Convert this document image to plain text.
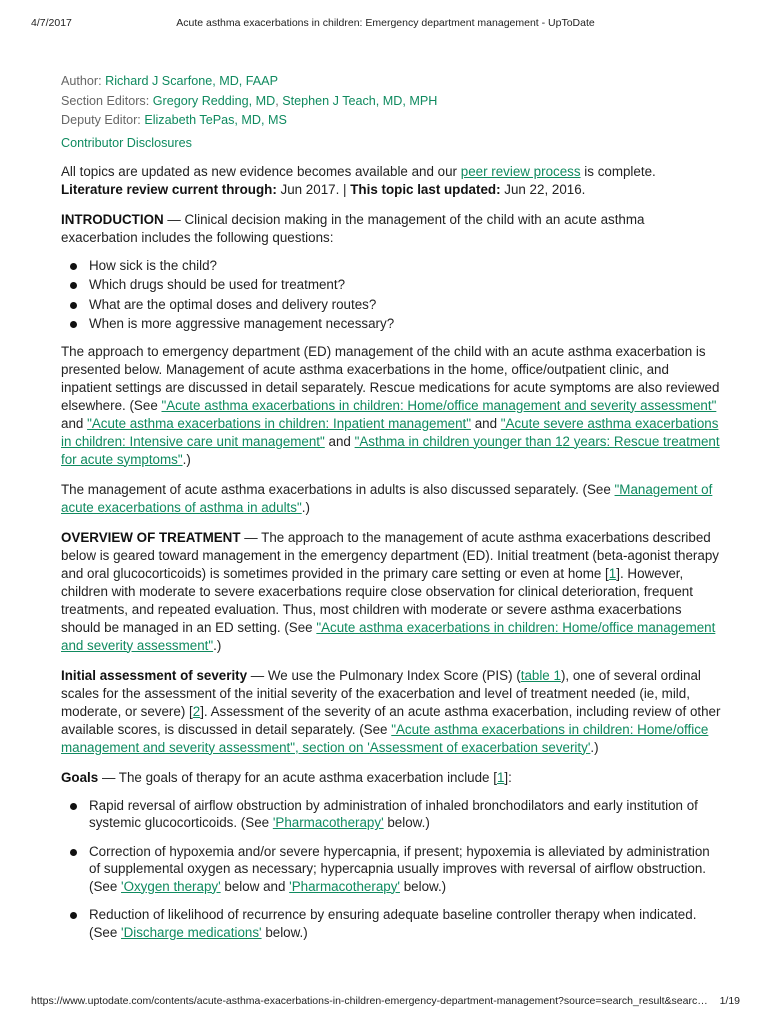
4/7/2017	Acute asthma exacerbations in children: Emergency department management - UpToDate
Author: Richard J Scarfone, MD, FAAP
Section Editors: Gregory Redding, MD, Stephen J Teach, MD, MPH
Deputy Editor: Elizabeth TePas, MD, MS
Contributor Disclosures

All topics are updated as new evidence becomes available and our peer review process is complete.
Literature review current through: Jun 2017. | This topic last updated: Jun 22, 2016.

INTRODUCTION — Clinical decision making in the management of the child with an acute asthma exacerbation includes the following questions:

How sick is the child?
Which drugs should be used for treatment?
What are the optimal doses and delivery routes?
When is more aggressive management necessary?

The approach to emergency department (ED) management of the child with an acute asthma exacerbation is presented below. Management of acute asthma exacerbations in the home, office/outpatient clinic, and inpatient settings are discussed in detail separately. Rescue medications for acute symptoms are also reviewed elsewhere. (See "Acute asthma exacerbations in children: Home/office management and severity assessment" and "Acute asthma exacerbations in children: Inpatient management" and "Acute severe asthma exacerbations in children: Intensive care unit management" and "Asthma in children younger than 12 years: Rescue treatment for acute symptoms".)

The management of acute asthma exacerbations in adults is also discussed separately. (See "Management of acute exacerbations of asthma in adults".)

OVERVIEW OF TREATMENT — The approach to the management of acute asthma exacerbations described below is geared toward management in the emergency department (ED). Initial treatment (beta-agonist therapy and oral glucocorticoids) is sometimes provided in the primary care setting or even at home [1]. However, children with moderate to severe exacerbations require close observation for clinical deterioration, frequent treatments, and repeated evaluation. Thus, most children with moderate or severe asthma exacerbations should be managed in an ED setting. (See "Acute asthma exacerbations in children: Home/office management and severity assessment".)

Initial assessment of severity — We use the Pulmonary Index Score (PIS) (table 1), one of several ordinal scales for the assessment of the initial severity of the exacerbation and level of treatment needed (ie, mild, moderate, or severe) [2]. Assessment of the severity of an acute asthma exacerbation, including review of other available scores, is discussed in detail separately. (See "Acute asthma exacerbations in children: Home/office management and severity assessment", section on 'Assessment of exacerbation severity'.)

Goals — The goals of therapy for an acute asthma exacerbation include [1]:

Rapid reversal of airflow obstruction by administration of inhaled bronchodilators and early institution of systemic glucocorticoids. (See 'Pharmacotherapy' below.)
Correction of hypoxemia and/or severe hypercapnia, if present; hypoxemia is alleviated by administration of supplemental oxygen as necessary; hypercapnia usually improves with reversal of airflow obstruction. (See 'Oxygen therapy' below and 'Pharmacotherapy' below.)
Reduction of likelihood of recurrence by ensuring adequate baseline controller therapy when indicated. (See 'Discharge medications' below.)
https://www.uptodate.com/contents/acute-asthma-exacerbations-in-children-emergency-department-management?source=search_result&searc… 1/19
